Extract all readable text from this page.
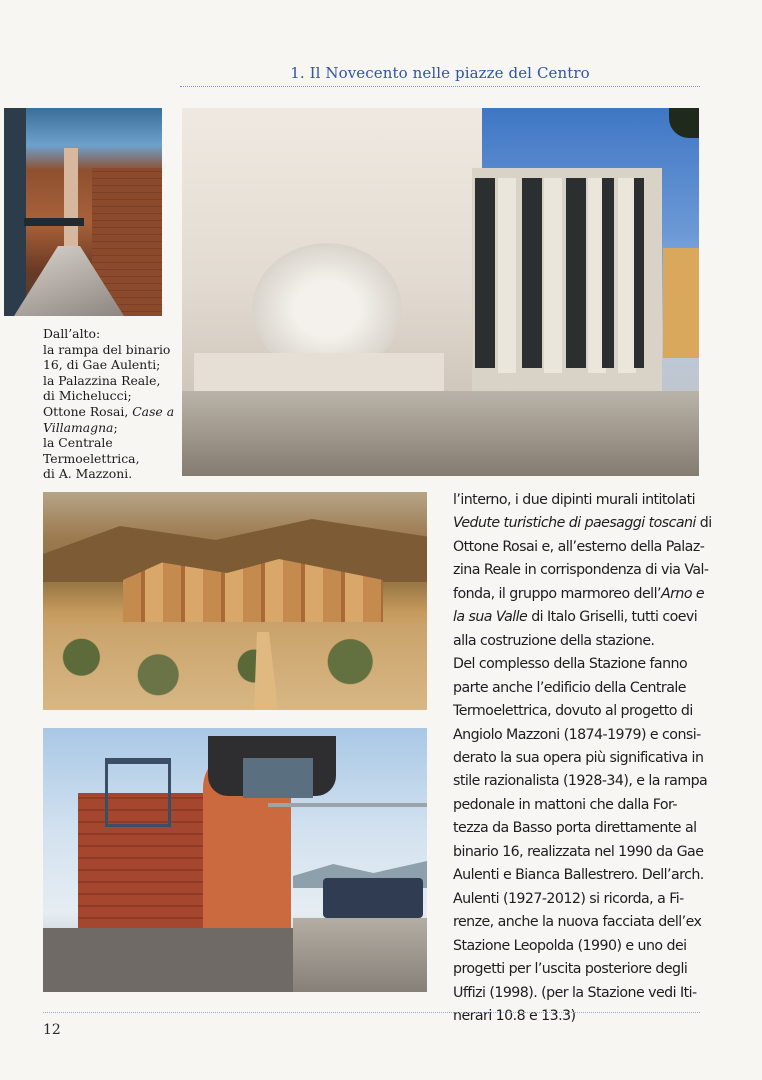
1. Il Novecento nelle piazze del Centro
Dall’alto:
la rampa del binario
16, di Gae Aulenti;
la Palazzina Reale,
di Michelucci;
Ottone Rosai, Case a
Villamagna;
la Centrale
Termoelettrica,
di A. Mazzoni.
l’interno, i due dipinti murali intitolati
Vedute turistiche di paesaggi toscani di
Ottone Rosai e, all’esterno della Palaz-
zina Reale in corrispondenza di via Val-
fonda, il gruppo marmoreo dell’Arno e
la sua Valle di Italo Griselli, tutti coevi
alla costruzione della stazione.
Del complesso della Stazione fanno
parte anche l’edificio della Centrale
Termoelettrica, dovuto al progetto di
Angiolo Mazzoni (1874-1979) e consi-
derato la sua opera più significativa in
stile razionalista (1928-34), e la rampa
pedonale in mattoni che dalla For-
tezza da Basso porta direttamente al
binario 16, realizzata nel 1990 da Gae
Aulenti e Bianca Ballestrero. Dell’arch.
Aulenti (1927-2012) si ricorda, a Fi-
renze, anche la nuova facciata dell’ex
Stazione Leopolda (1990) e uno dei
progetti per l’uscita posteriore degli
Uffizi (1998). (per la Stazione vedi Iti-
nerari 10.8 e 13.3)
12
